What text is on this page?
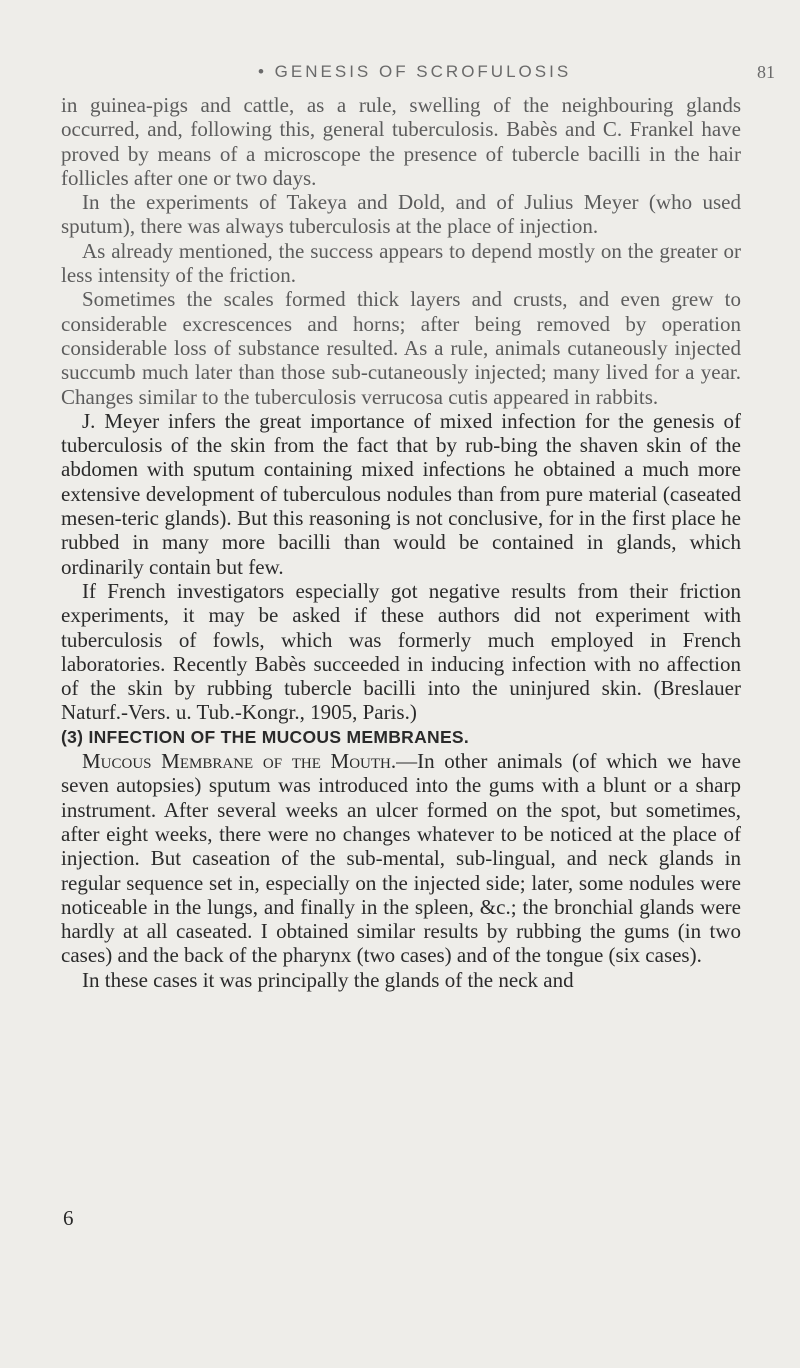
• GENESIS OF SCROFULOSIS	81

in guinea-pigs and cattle, as a rule, swelling of the neighbouring glands occurred, and, following this, general tuberculosis. Babès and C. Frankel have proved by means of a microscope the presence of tubercle bacilli in the hair follicles after one or two days.

In the experiments of Takeya and Dold, and of Julius Meyer (who used sputum), there was always tuberculosis at the place of injection.

As already mentioned, the success appears to depend mostly on the greater or less intensity of the friction.

Sometimes the scales formed thick layers and crusts, and even grew to considerable excrescences and horns; after being removed by operation considerable loss of substance resulted. As a rule, animals cutaneously injected succumb much later than those sub-cutaneously injected; many lived for a year. Changes similar to the tuberculosis verrucosa cutis appeared in rabbits.

J. Meyer infers the great importance of mixed infection for the genesis of tuberculosis of the skin from the fact that by rub-bing the shaven skin of the abdomen with sputum containing mixed infections he obtained a much more extensive development of tuberculous nodules than from pure material (caseated mesen-teric glands). But this reasoning is not conclusive, for in the first place he rubbed in many more bacilli than would be contained in glands, which ordinarily contain but few.

If French investigators especially got negative results from their friction experiments, it may be asked if these authors did not experiment with tuberculosis of fowls, which was formerly much employed in French laboratories. Recently Babès succeeded in inducing infection with no affection of the skin by rubbing tubercle bacilli into the uninjured skin. (Breslauer Naturf.-Vers. u. Tub.-Kongr., 1905, Paris.)

(3) INFECTION OF THE MUCOUS MEMBRANES.

Mucous Membrane of the Mouth.—In other animals (of which we have seven autopsies) sputum was introduced into the gums with a blunt or a sharp instrument. After several weeks an ulcer formed on the spot, but sometimes, after eight weeks, there were no changes whatever to be noticed at the place of injection. But caseation of the sub-mental, sub-lingual, and neck glands in regular sequence set in, especially on the injected side; later, some nodules were noticeable in the lungs, and finally in the spleen, &c.; the bronchial glands were hardly at all caseated. I obtained similar results by rubbing the gums (in two cases) and the back of the pharynx (two cases) and of the tongue (six cases).

In these cases it was principally the glands of the neck and

6
